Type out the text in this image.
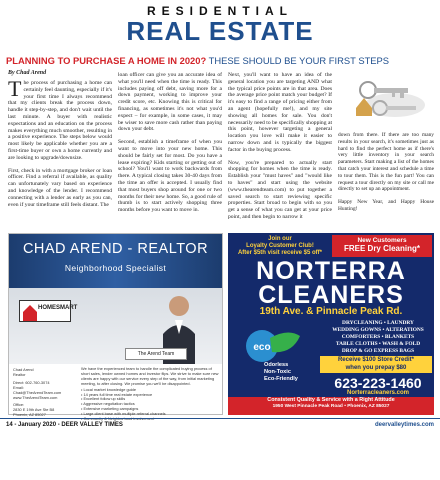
RESIDENTIAL
REAL ESTATE
PLANNING TO PURCHASE A HOME IN 2020? THESE SHOULD BE YOUR FIRST STEPS
By Chad Arend

The process of purchasing a home can certainly feel daunting, especially if it's your first time I always recommend that my clients break the process down, handle it step-by-step, and don't wait until the last minute. A buyer with realistic expectations and an education on the process makes everything much smoother, resulting in a positive experience. The steps below would most likely be applicable whether you are a first-time buyer or own a home currently and are looking to upgrade/downsize.

First, check in with a mortgage broker or loan officer. Find a referral if available, as quality can unfortunately vary based on experience and knowledge of the lender. I recommend connecting with a lender as early as you can, even if your timeframe still feels distant. The

loan officer can give you an accurate idea of what you'll need when the time is ready. This includes paying off debt, saving more for a down payment, working to improve your credit score, etc. Knowing this is critical for financing, as sometimes it's not what you'd expect – for example, in some cases, it may be wiser to save more cash rather than paying down your debt.

Second, establish a timeframe of when you want to move into your new home. This should be fairly set for most. Do you have a lease expiring? Kids starting or getting out of school? You'll want to work backwards from there. A typical closing takes 30-40 days from the time an offer is accepted. I usually find that most buyers shop around for one or two months for their new home. So, a good rule of thumb is to start actively shopping three months before you want to move in.

Next, you'll want to have an idea of the general location you are targeting AND what the typical price points are in that area. Does the average price point match your budget? If it's easy to find a range of pricing either from an agent (hopefully me!), and my site showing all homes for sale. You don't necessarily need to be specifically shopping at this point, however targeting a general location you love will make it easier to narrow down and is typically the biggest factor in the buying process.

Now, you're prepared to actually start shopping for homes when the time is ready. Establish your "must haves" and "would like to haves" and start using the website (www.thearendteam.com) to put together a saved search to start reviewing specific properties. Start broad to begin with so you get a sense of what you can get at your price point, and then begin to narrow it

down from there. If there are too many results in your search, it's sometimes just as hard to find the perfect home as if there's very little inventory in your search parameters. Start making a list of the homes that catch your interest and schedule a time to tour them. This is the fun part! You can request a tour directly on my site or call me directly to set up an appointment.

Happy New Year, and Happy House Hunting!

CHAD AREND - REALTOR
Neighborhood Specialist
HOMESMART
The Arend Team
Chad Arend
Realtor
Direct: 602-760-3074
Email:
Chad@TheArendTeam.com
www.TheArendTeam.com
Office:
2830 E 19th Ave Ste B8
Phoenix, AZ 85027
We have the experienced team to handle the complicated buying process of short sales, lender owned homes and investor flips. We strive to make sure new clients are happy with our service every step of the way, from initial marketing meeting, to after closing. We promise you we'll be disappointed.
• Local market knowledge guide
• 14 years full time real estate experience
• Excellent follow up skills
• Aggressive negotiation tactics
• Extensive marketing campaigns
• Large client base with multiple referral channels
• Community & Neighborhood involvement
Join our
Loyalty Customer Club!
After $5th visit receive $5 off*
New Customers
FREE Dry Cleaning*
NORTERRA
CLEANERS
19th Ave. & Pinnacle Peak Rd.
eco
Odorless
Non-Toxic
Eco-Friendly
DRYCLEANING • LAUNDRY
WEDDING GOWNS • ALTERATIONS
COMFORTERS • BLANKETS
TABLE CLOTHS • WASH & FOLD
DROP & GO EXPRESS BAGS
Receive $100 Store Credit*
when you prepay $80
623-223-1460
Norterracleaners.com
Consistent Quality & Service with a Right Attitude
1950 West Pinnacle Peak Road • Phoenix, AZ 85027
14 - January 2020 - DEER VALLEY TIMES	deervalleytimes.com
